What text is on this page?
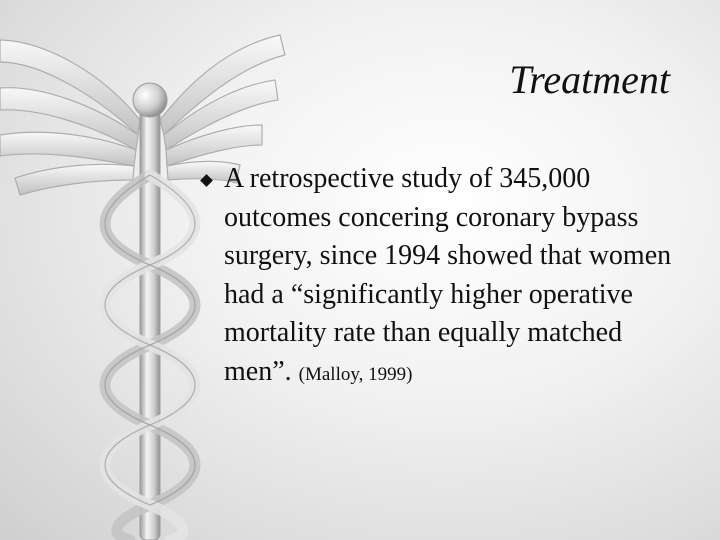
Treatment
A retrospective study of 345,000 outcomes concering coronary bypass surgery, since 1994 showed that women had a “significantly higher operative mortality rate than equally matched men”. (Malloy, 1999)
